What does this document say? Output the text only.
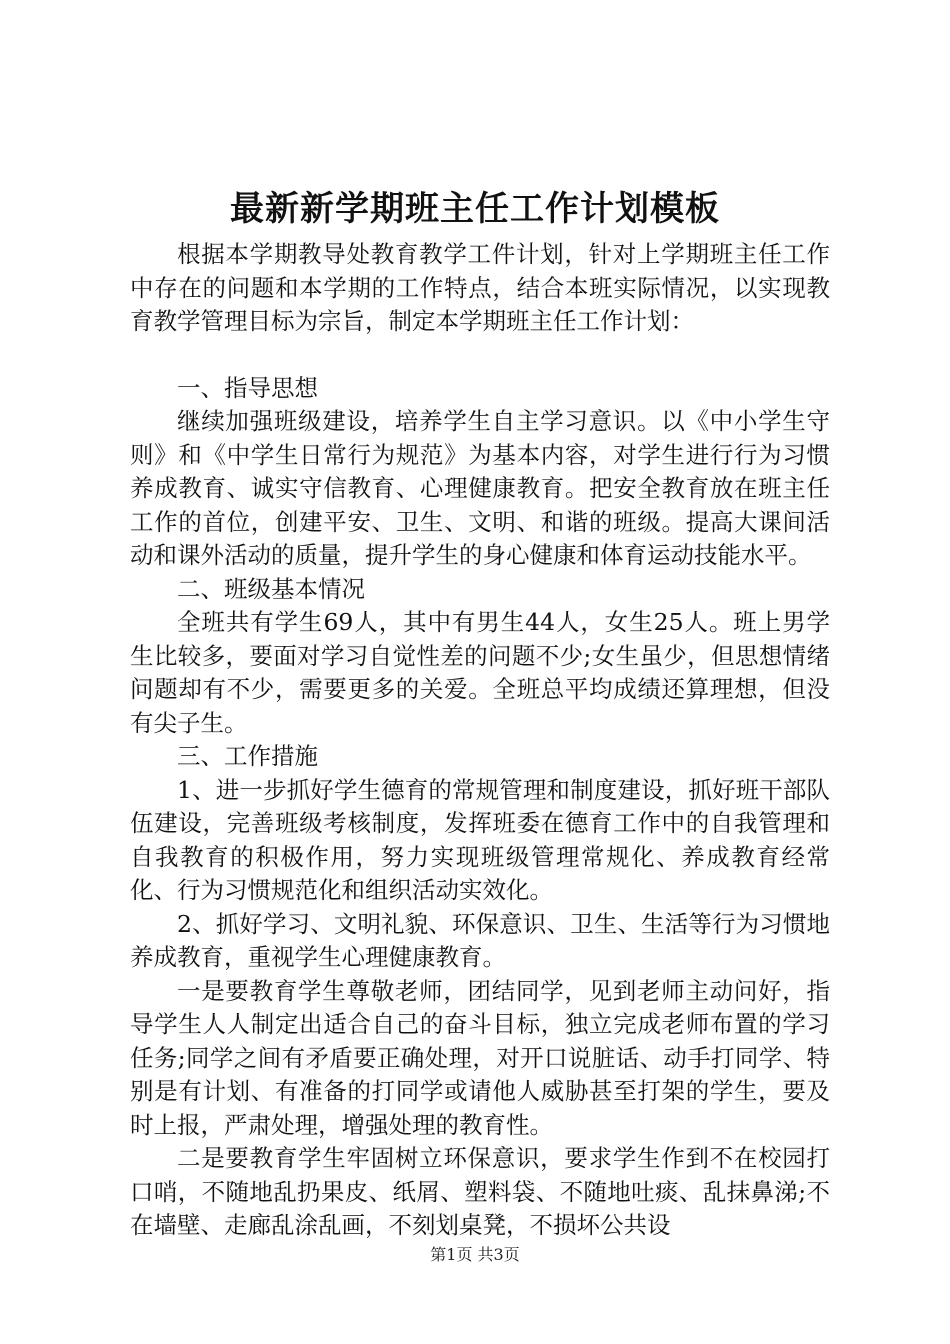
最新新学期班主任工作计划模板

根据本学期教导处教育教学工件计划，针对上学期班主任工作中存在的问题和本学期的工作特点，结合本班实际情况，以实现教育教学管理目标为宗旨，制定本学期班主任工作计划：

一、指导思想

继续加强班级建设，培养学生自主学习意识。以《中小学生守则》和《中学生日常行为规范》为基本内容，对学生进行行为习惯养成教育、诚实守信教育、心理健康教育。把安全教育放在班主任工作的首位，创建平安、卫生、文明、和谐的班级。提高大课间活动和课外活动的质量，提升学生的身心健康和体育运动技能水平。

二、班级基本情况

全班共有学生69人，其中有男生44人，女生25人。班上男学生比较多，要面对学习自觉性差的问题不少;女生虽少，但思想情绪问题却有不少，需要更多的关爱。全班总平均成绩还算理想，但没有尖子生。

三、工作措施

1、进一步抓好学生德育的常规管理和制度建设，抓好班干部队伍建设，完善班级考核制度，发挥班委在德育工作中的自我管理和自我教育的积极作用，努力实现班级管理常规化、养成教育经常化、行为习惯规范化和组织活动实效化。

2、抓好学习、文明礼貌、环保意识、卫生、生活等行为习惯地养成教育，重视学生心理健康教育。

一是要教育学生尊敬老师，团结同学，见到老师主动问好，指导学生人人制定出适合自己的奋斗目标，独立完成老师布置的学习任务;同学之间有矛盾要正确处理，对开口说脏话、动手打同学、特别是有计划、有准备的打同学或请他人威胁甚至打架的学生，要及时上报，严肃处理，增强处理的教育性。

二是要教育学生牢固树立环保意识，要求学生作到不在校园打口哨，不随地乱扔果皮、纸屑、塑料袋、不随地吐痰、乱抹鼻涕;不在墙壁、走廊乱涂乱画，不刻划桌凳，不损坏公共设

第1页 共3页
